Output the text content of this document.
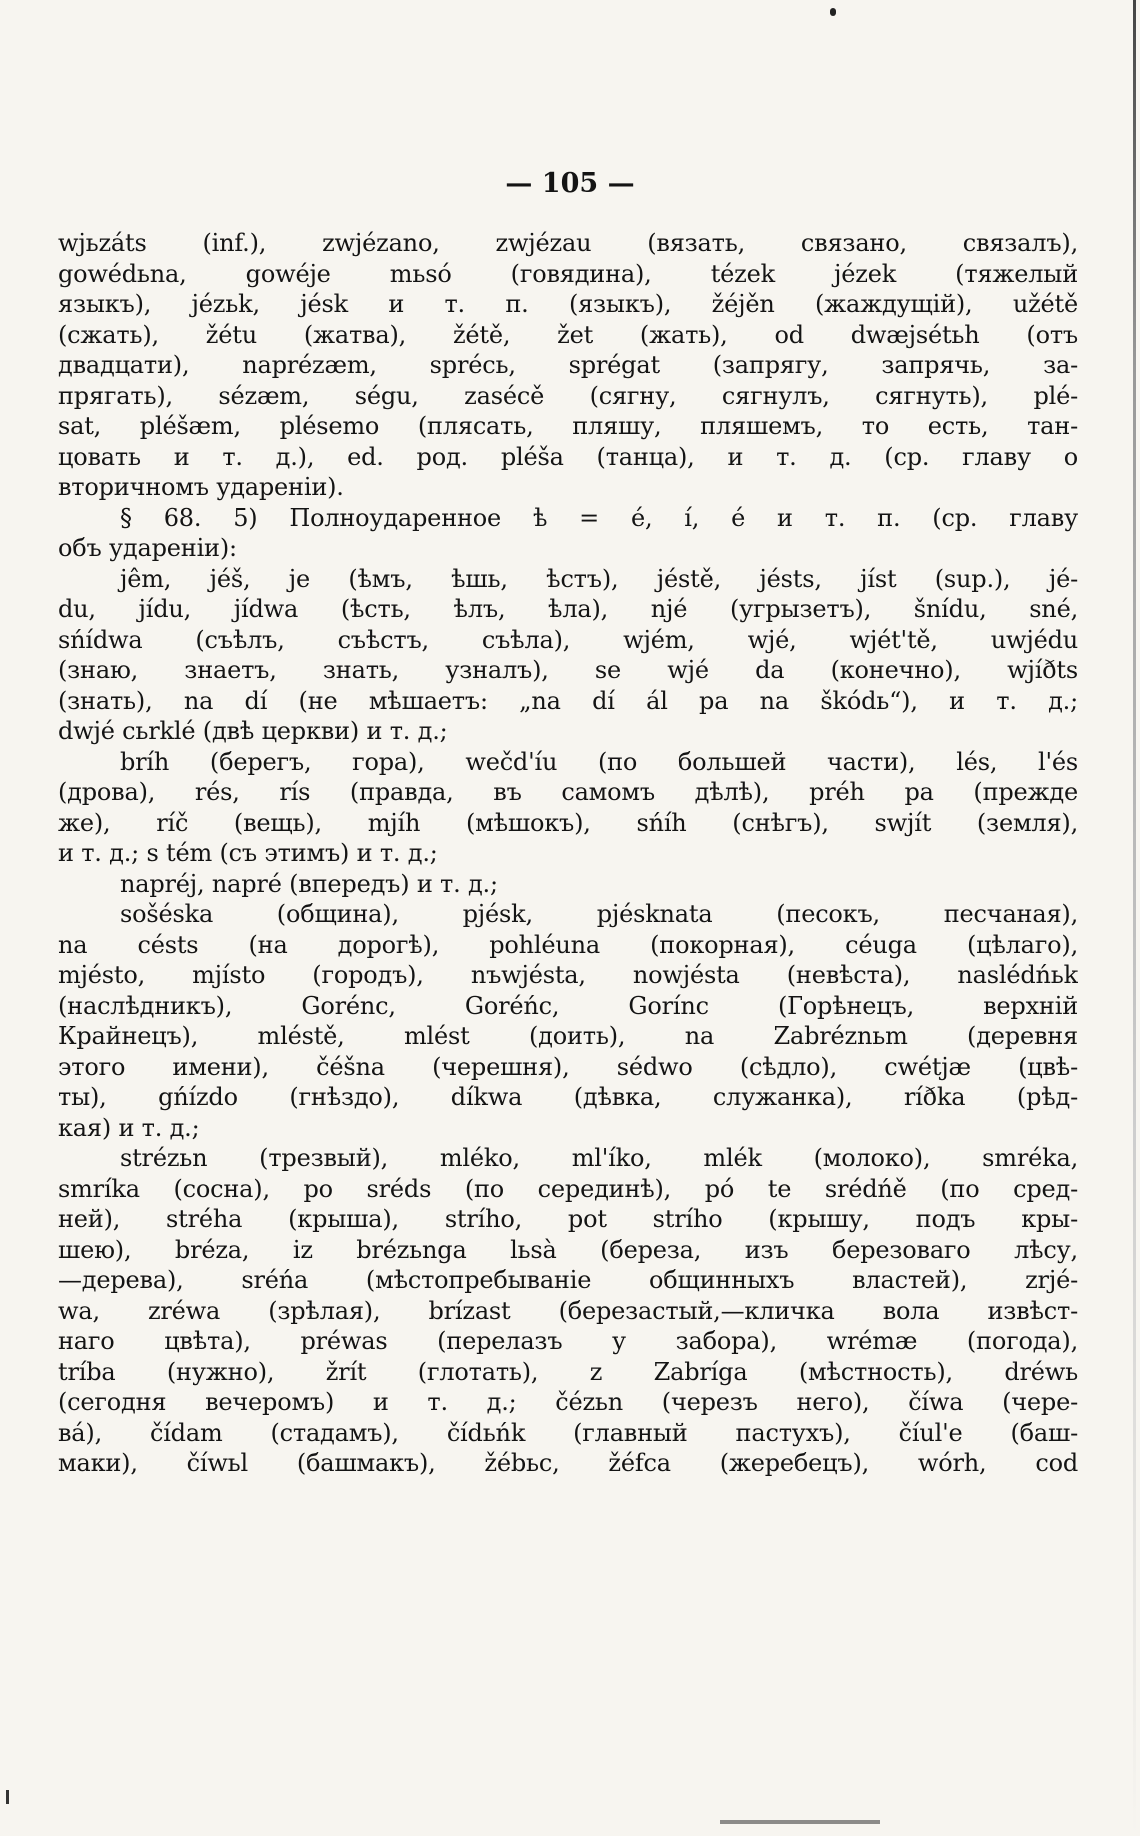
— 105 —
wjьzáts (inf.), zwjézano, zwjézau (вязать, связано, связалъ),
gowédьna, gowéje mьsó (говядина), tézek jézek (тяжелый
языкъ), jézьk, jésk и т. п. (языкъ), žéjěn (жаждущій), užétě
(сжать), žétu (жатва), žétě, žet (жать), od dwæjsétьh (отъ
двадцати), naprézæm, sprécь, sprégat (запрягу, запрячь, за-
прягать), sézæm, ségu, zasécě (сягну, сягнулъ, сягнуть), plé-
sat, pléšæm, plésemo (плясать, пляшу, пляшемъ, то есть, тан-
цовать и т. д.), ed. род. pléša (танца), и т. д. (ср. главу о
вторичномъ ударенiи).
§ 68. 5) Полноударенное ѣ = é, í, é и т. п. (ср. главу
объ ударенiи):
jêm, jéš, je (ѣмъ, ѣшь, ѣстъ), jéstě, jésts, jíst (sup.), jé-
du, jídu, jídwa (ѣсть, ѣлъ, ѣла), njé (угрызетъ), šnídu, sné,
sńídwa (съѣлъ, съѣстъ, съѣла), wjém, wjé, wjét'tě, uwjédu
(знаю, знаетъ, знать, узналъ), se wjé da (конечно), wjíðts
(знать), na dí (не мѣшаетъ: „na dí ál pa na škódь“), и т. д.;
dwjé cьrklé (двѣ церкви) и т. д.;
bríh (берегъ, гора), wečd'íu (по большей части), lés, l'és
(дрова), rés, rís (правда, въ самомъ дѣлѣ), préh pa (прежде
же), ríč (вещь), mjíh (мѣшокъ), sńíh (снѣгъ), swjít (земля),
и т. д.; s tém (съ этимъ) и т. д.;
napréj, napré (впередъ) и т. д.;
sošéska (община), pjésk, pjésknata (песокъ, песчаная),
na césts (на дорогѣ), pohléuna (покорная), céuga (цѣлаго),
mjésto, mjísto (городъ), nъwjésta, nowjésta (невѣста), naslédńьk
(наслѣдникъ), Gorénc, Goréńc, Gorínc (Горѣнецъ, верхнiй
Крайнецъ), mléstě, mlést (доить), na Zabréznьm (деревня
этого имени), čéšna (черешня), sédwo (сѣдло), cwétjæ (цвѣ-
ты), gńízdo (гнѣздо), díkwa (дѣвка, служанка), ríðka (рѣд-
кая) и т. д.;
strézьn (трезвый), mléko, ml'íko, mlék (молоко), smréka,
smríka (сосна), po sréds (по серединѣ), pó te srédńě (по сред-
ней), stréha (крыша), strího, pot strího (крышу, подъ кры-
шею), bréza, iz brézьnga lьsà (береза, изъ березоваго лѣсу,
—дерева), sréńa (мѣстопребыванiе общинныхъ властей), zrjé-
wa, zréwa (зрѣлая), brízast (березастый,—кличка вола извѣст-
наго цвѣта), préwas (перелазъ у забора), wrémæ (погода),
tríba (нужно), žrít (глотать), z Zabríga (мѣстность), dréwь
(сегодня вечеромъ) и т. д.; čézьn (черезъ него), číwa (чере-
ва́), čídam (стадамъ), čídьńk (главный пастухъ), číul'e (баш-
маки), číwьl (башмакъ), žébьc, žéfca (жеребецъ), wórh, cod
